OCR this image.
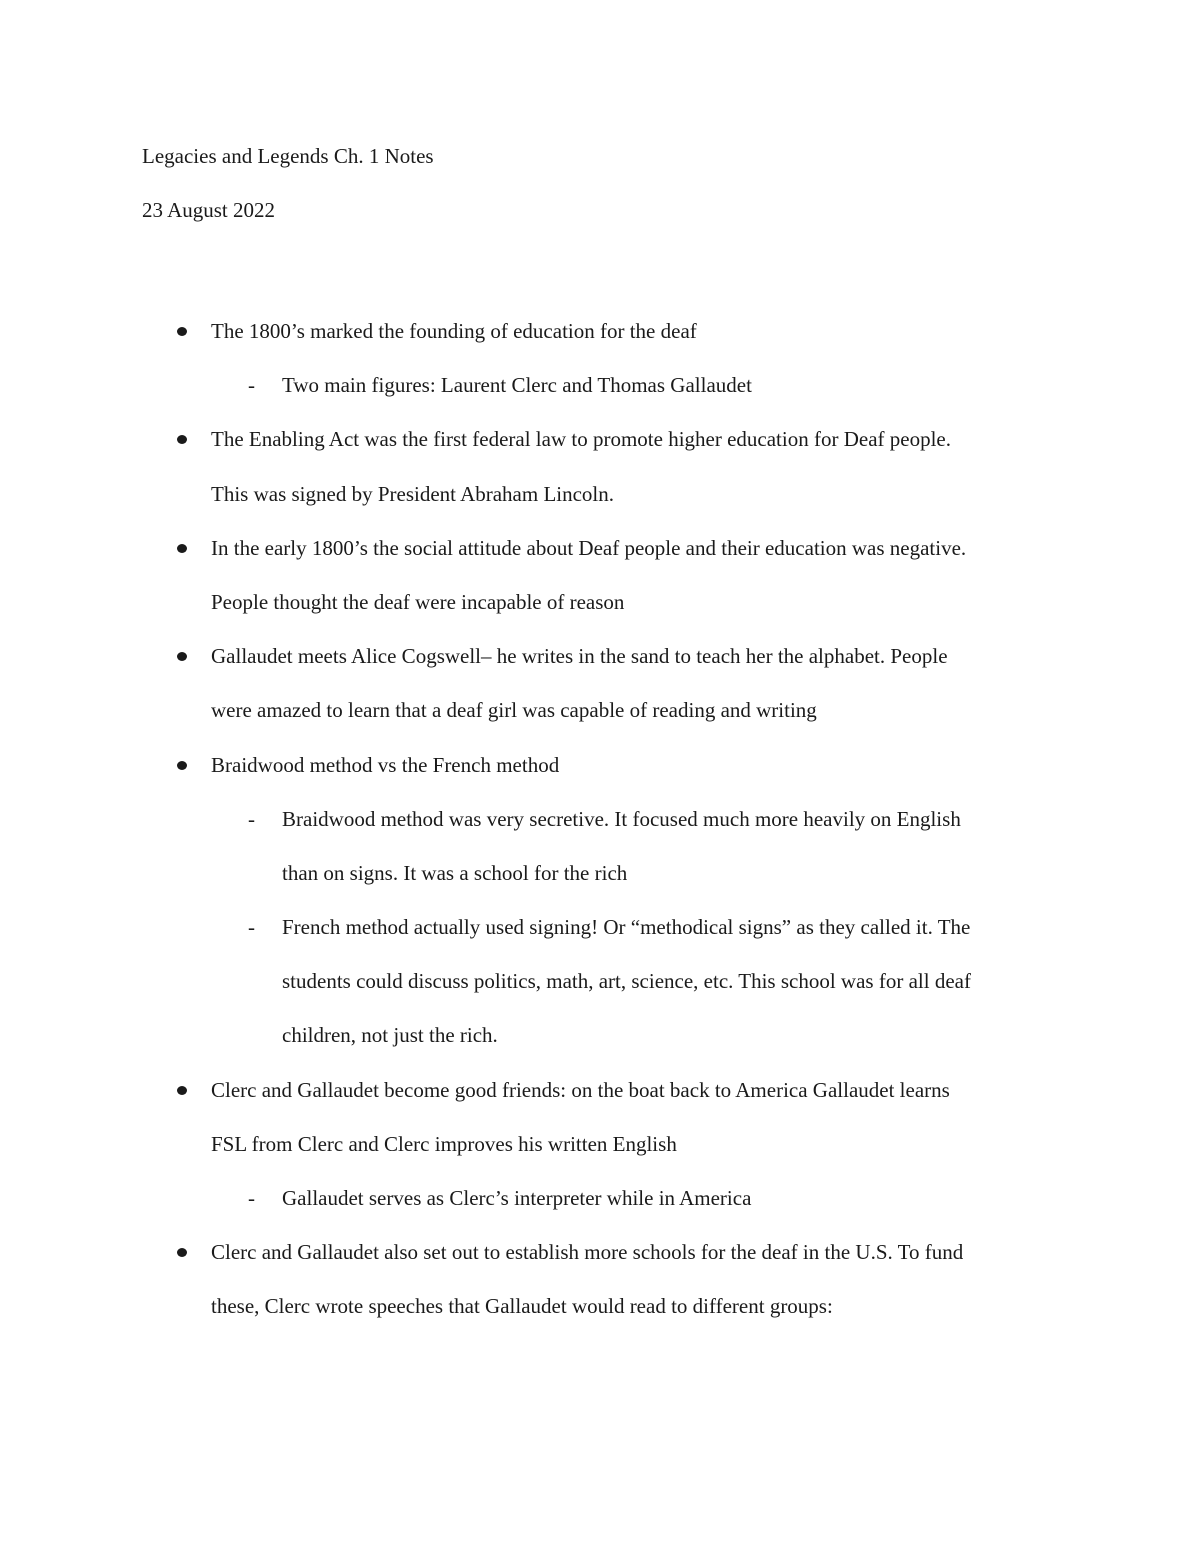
Legacies and Legends Ch. 1 Notes
23 August 2022
The 1800’s marked the founding of education for the deaf
-	Two main figures: Laurent Clerc and Thomas Gallaudet
The Enabling Act was the first federal law to promote higher education for Deaf people.
This was signed by President Abraham Lincoln.
In the early 1800’s the social attitude about Deaf people and their education was negative.
People thought the deaf were incapable of reason
Gallaudet meets Alice Cogswell– he writes in the sand to teach her the alphabet. People
were amazed to learn that a deaf girl was capable of reading and writing
Braidwood method vs the French method
-	Braidwood method was very secretive. It focused much more heavily on English
than on signs. It was a school for the rich
-	French method actually used signing! Or “methodical signs” as they called it. The
students could discuss politics, math, art, science, etc. This school was for all deaf
children, not just the rich.
Clerc and Gallaudet become good friends: on the boat back to America Gallaudet learns
FSL from Clerc and Clerc improves his written English
-	Gallaudet serves as Clerc’s interpreter while in America
Clerc and Gallaudet also set out to establish more schools for the deaf in the U.S. To fund
these, Clerc wrote speeches that Gallaudet would read to different groups:
